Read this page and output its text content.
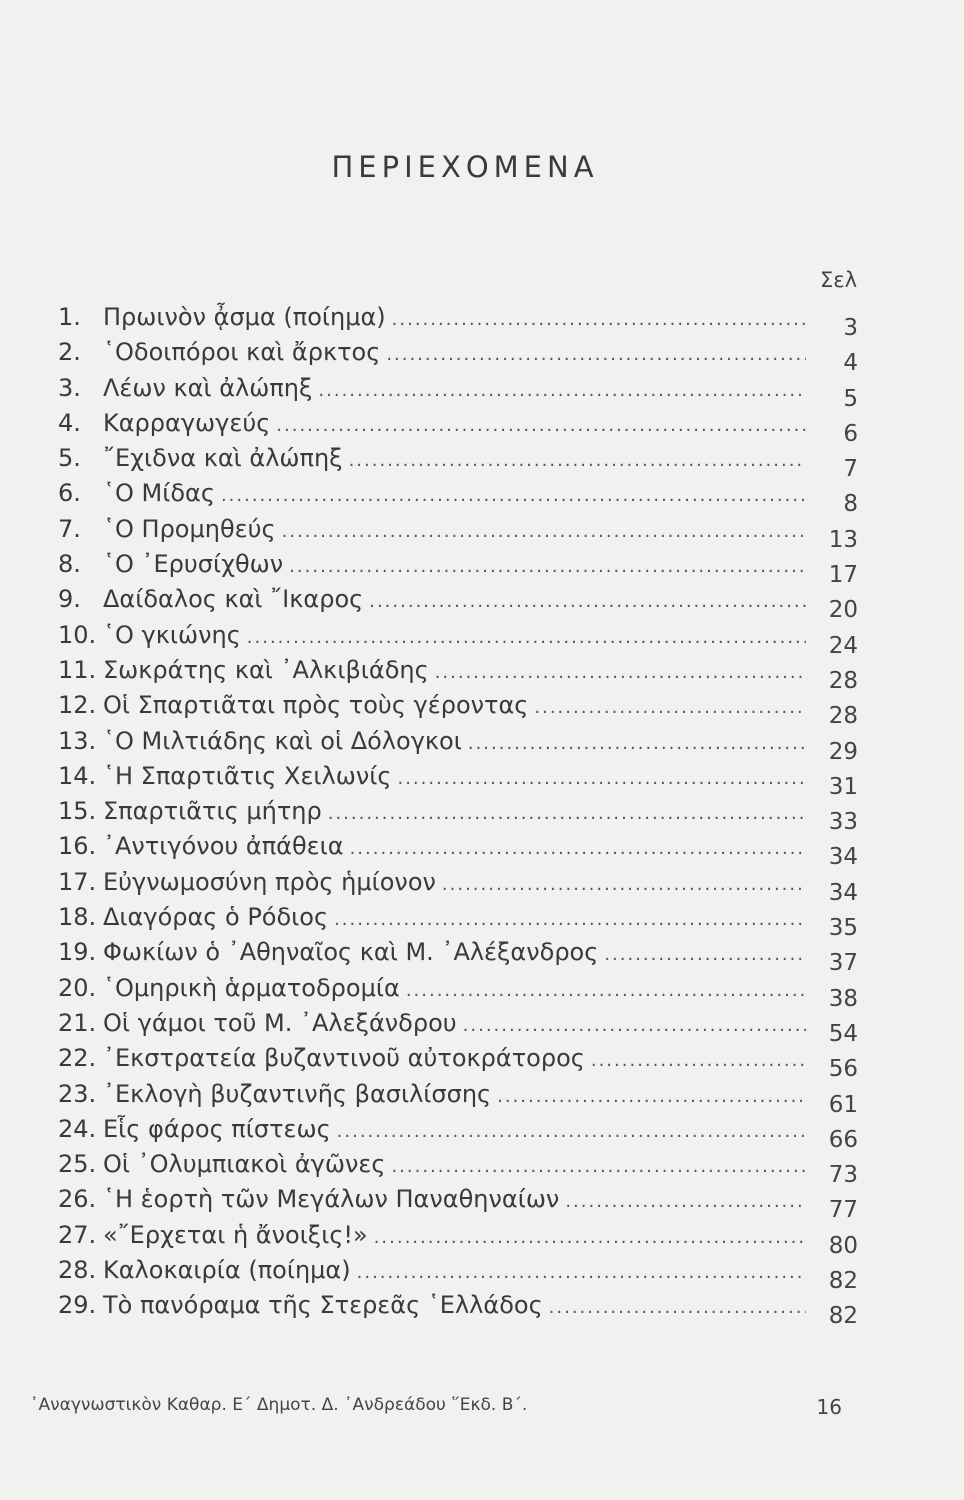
ΠΕΡΙΕΧΟΜΕΝΑ
Σελ
1. Πρωινὸν ᾆσμα (ποίημα) .....	3
2. ῾Οδοιπόροι καὶ ἄρκτος .....	4
3. Λέων καὶ ἀλώπηξ .....	5
4. Καρραγωγεύς .....	6
5. ῎Εχιδνα καὶ ἀλώπηξ .....	7
6. ῾Ο Μίδας .....	8
7. ῾Ο Προμηθεύς .....	13
8. ῾Ο ᾽Ερυσίχθων .....	17
9. Δαίδαλος καὶ ῎Ικαρος .....	20
10. ῾Ο γκιώνης .....	24
11. Σωκράτης καὶ ᾽Αλκιβιάδης .....	28
12. Οἱ Σπαρτιᾶται πρὸς τοὺς γέροντας .....	28
13. ῾Ο Μιλτιάδης καὶ οἱ Δόλογκοι .....	29
14. ῾Η Σπαρτιᾶτις Χειλωνίς .....	31
15. Σπαρτιᾶτις μήτηρ .....	33
16. ᾽Αντιγόνου ἀπάθεια .....	34
17. Εὐγνωμοσύνη πρὸς ἡμίονον .....	34
18. Διαγόρας ὁ Ρόδιος .....	35
19. Φωκίων ὁ ᾽Αθηναῖος καὶ Μ. ᾽Αλέξανδρος .....	37
20. ῾Ομηρικὴ ἁρματοδρομία .....	38
21. Οἱ γάμοι τοῦ Μ. ᾽Αλεξάνδρου .....	54
22. ᾽Εκστρατεία βυζαντινοῦ αὐτοκράτορος .....	56
23. ᾽Εκλογὴ βυζαντινῆς βασιλίσσης .....	61
24. Εἷς φάρος πίστεως .....	66
25. Οἱ ᾽Ολυμπιακοὶ ἀγῶνες .....	73
26. ῾Η ἑορτὴ τῶν Μεγάλων Παναθηναίων .....	77
27. «῎Ερχεται ἡ ἄνοιξις!» .....	80
28. Καλοκαιρία (ποίημα) .....	82
29. Τὸ πανόραμα τῆς Στερεᾶς ῾Ελλάδος .....	82
᾽Αναγνωστικὸν Καθαρ. Ε΄ Δημοτ. Δ. ᾽Ανδρεάδου ῞Εκδ. Β΄.	16
